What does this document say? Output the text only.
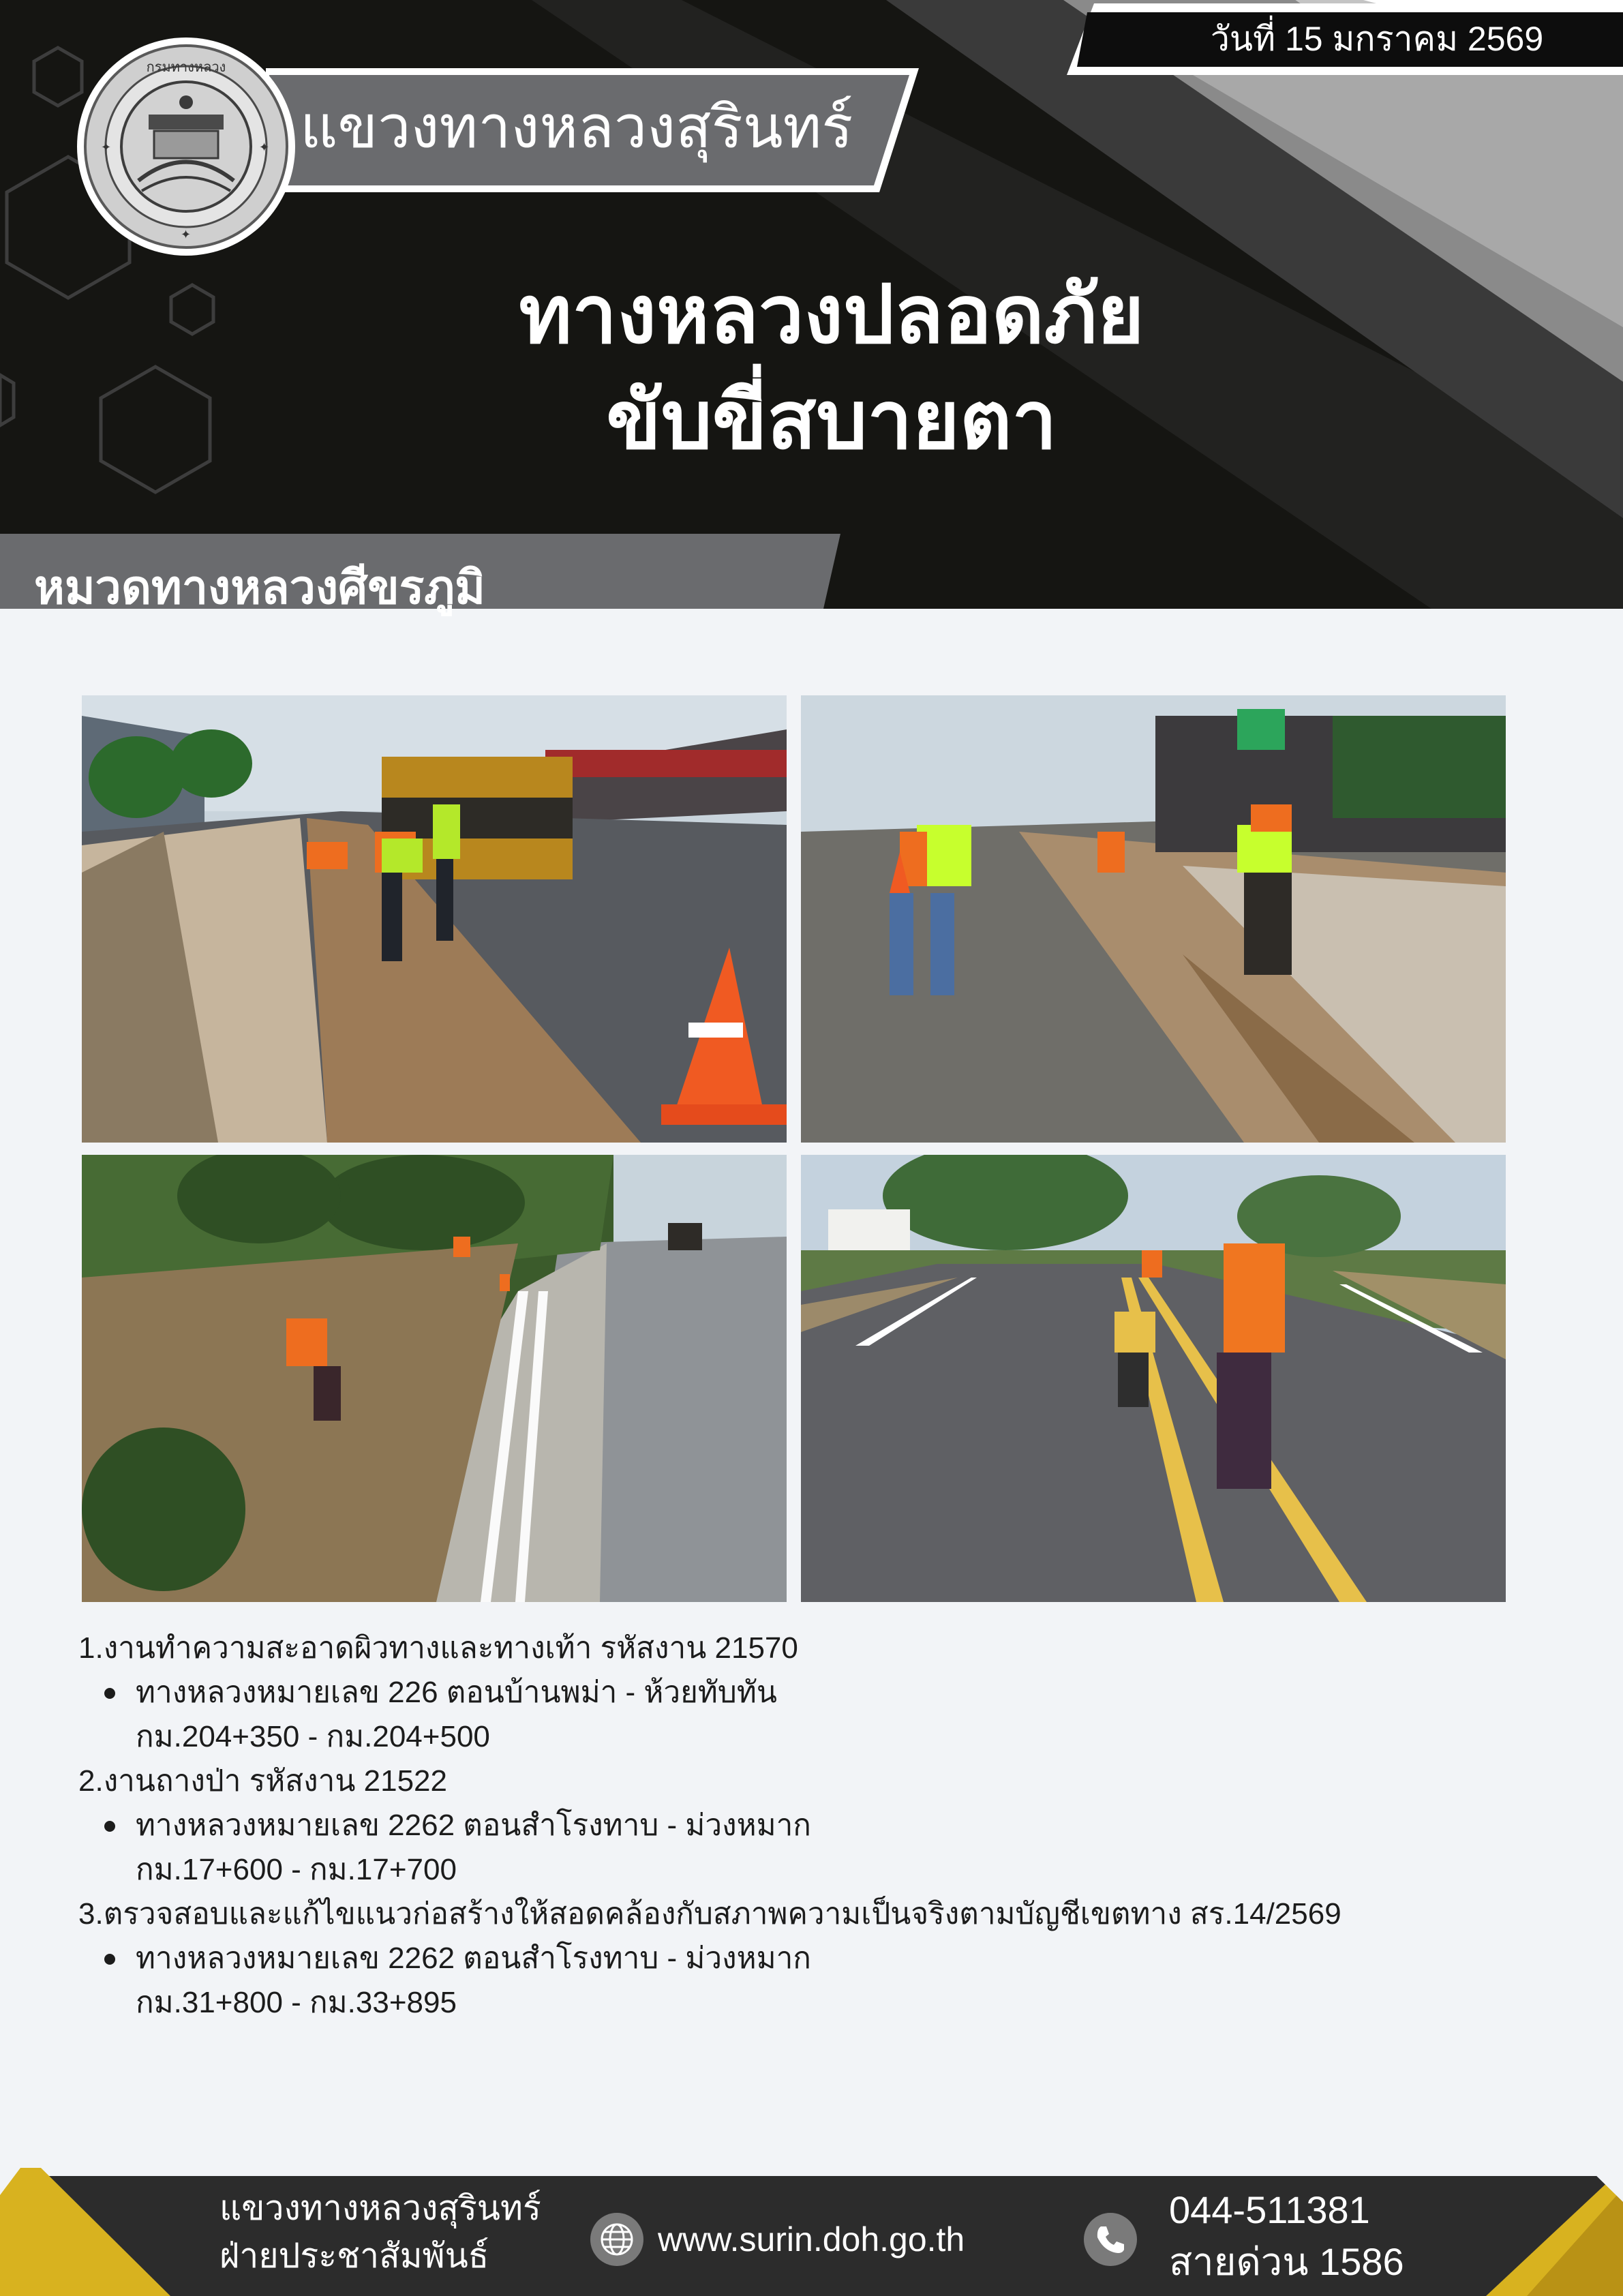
กรมทางหลวง
✦	✦
✦
วันที่ 15 มกราคม 2569
แขวงทางหลวงสุรินทร์
ทางหลวงปลอดภัย
ขับขี่สบายตา
หมวดทางหลวงศีขรภูมิ
1.งานทำความสะอาดผิวทางและทางเท้า รหัสงาน 21570
ทางหลวงหมายเลข 226 ตอนบ้านพม่า - ห้วยทับทัน
กม.204+350 - กม.204+500
2.งานถางป่า รหัสงาน 21522
ทางหลวงหมายเลข 2262 ตอนสำโรงทาบ - ม่วงหมาก
กม.17+600 - กม.17+700
3.ตรวจสอบและแก้ไขแนวก่อสร้างให้สอดคล้องกับสภาพความเป็นจริงตามบัญชีเขตทาง สร.14/2569
ทางหลวงหมายเลข 2262 ตอนสำโรงทาบ - ม่วงหมาก
กม.31+800 - กม.33+895
แขวงทางหลวงสุรินทร์
ฝ่ายประชาสัมพันธ์	www.surin.doh.go.th
044-511381
สายด่วน 1586
